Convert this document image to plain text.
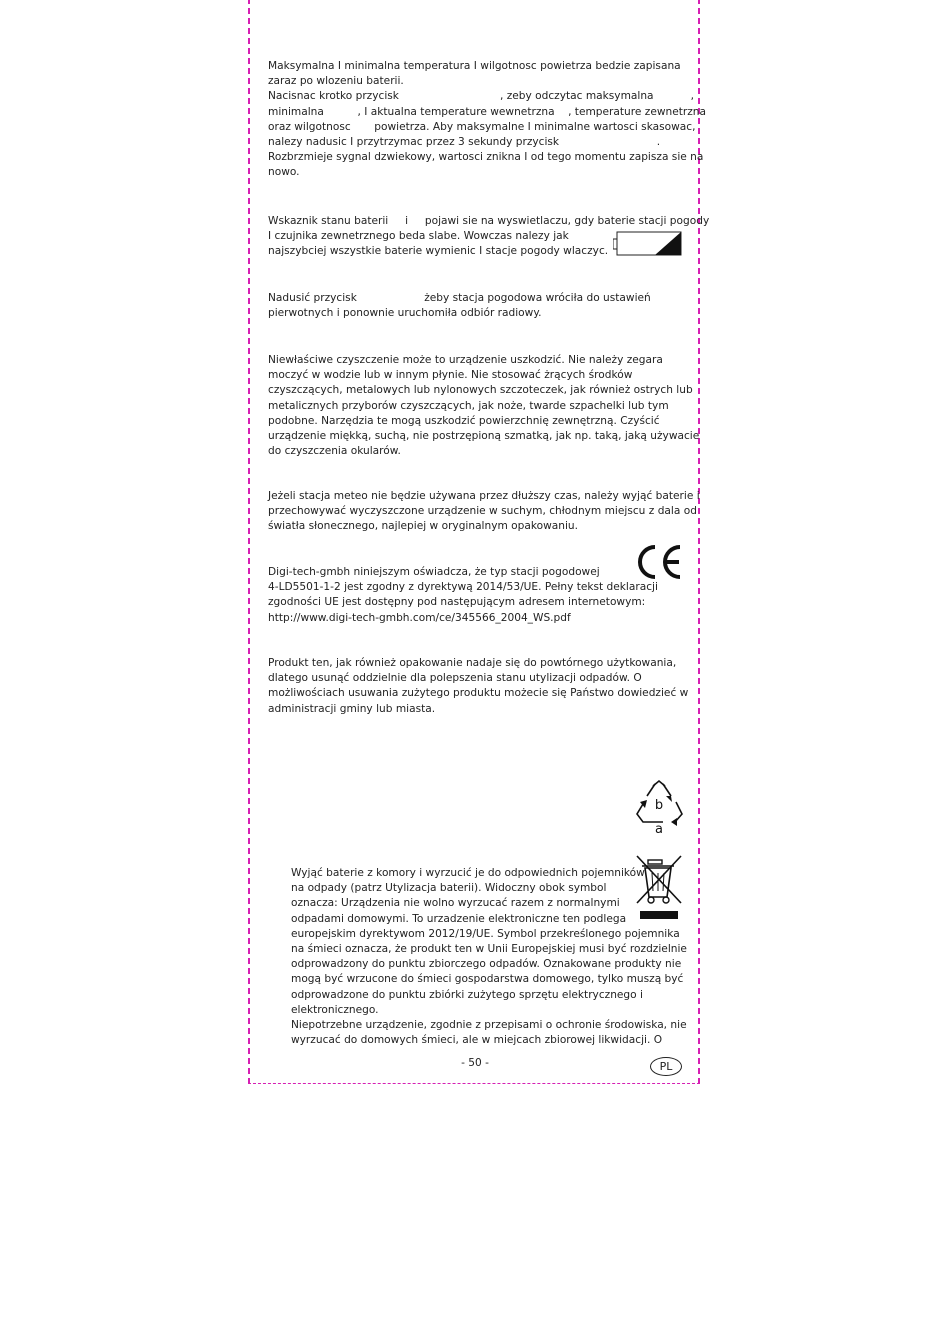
Maksymalna I minimalna temperatura I wilgotnosc powietrza bedzie zapisana
zaraz po wlozeniu baterii.
Nacisnac krotko przycisk                              , zeby odczytac maksymalna           ,
minimalna          , I aktualna temperature wewnetrzna    , temperature zewnetrzna
oraz wilgotnosc       powietrza. Aby maksymalne I minimalne wartosci skasowac,
nalezy nadusic I przytrzymac przez 3 sekundy przycisk                             .
Rozbrzmieje sygnal dzwiekowy, wartosci zniknа I od tego momentu zapisza sie na
nowo.
Wskaznik stanu baterii     i     pojawi sie na wyswietlaczu, gdy baterie stacji pogody
I czujnika zewnetrznego beda slabe. Wowczas nalezy jak
najszybciej wszystkie baterie wymienic I stacje pogody wlaczyc.
Nadusić przycisk                    żeby stacja pogodowa wróciła do ustawień
pierwotnych i ponownie uruchomiła odbiór radiowy.
Niewłaściwe czyszczenie może to urządzenie uszkodzić. Nie należy zegara
moczyć w wodzie lub w innym płynie. Nie stosować żrących środków
czyszczących, metalowych lub nylonowych szczoteczek, jak również ostrych lub
metalicznych przyborów czyszczących, jak noże, twarde szpachelki lub tym
podobne. Narzędzia te mogą uszkodzić powierzchnię zewnętrzną. Czyścić
urządzenie miękką, suchą, nie postrzępioną szmatką, jak np. taką, jaką używacie
do czyszczenia okularów.
Jeżeli stacja meteo nie będzie używana przez dłuższy czas, należy wyjąć baterie i
przechowywać wyczyszczone urządzenie w suchym, chłodnym miejscu z dala od
światła słonecznego, najlepiej w oryginalnym opakowaniu.
Digi-tech-gmbh niniejszym oświadcza, że typ stacji pogodowej
4-LD5501-1-2 jest zgodny z dyrektywą 2014/53/UE. Pełny tekst deklaracji
zgodności UE jest dostępny pod następującym adresem internetowym:
http://www.digi-tech-gmbh.com/ce/345566_2004_WS.pdf
Produkt ten, jak również opakowanie nadaje się do powtórnego użytkowania,
dlatego usunąć oddzielnie dla polepszenia stanu utylizacji odpadów. O
możliwościach usuwania zużytego produktu możecie się Państwo dowiedzieć w
administracji gminy lub miasta.
b
a
Wyjąć baterie z komory i wyrzucić je do odpowiednich pojemników
na odpady (patrz Utylizacja baterii). Widoczny obok symbol
oznacza: Urządzenia nie wolno wyrzucać razem z normalnymi
odpadami domowymi. To urzadzenie elektroniczne ten podlega
europejskim dyrektywom 2012/19/UE. Symbol przekreślonego pojemnika
na śmieci oznacza, że produkt ten w Unii Europejskiej musi być rozdzielnie
odprowadzony do punktu zbiorczego odpadów. Oznakowane produkty nie
mogą być wrzucone do śmieci gospodarstwa domowego, tylko muszą być
odprowadzone do punktu zbiórki zużytego sprzętu elektrycznego i
elektronicznego.
Niepotrzebne urządzenie, zgodnie z przepisami o ochronie środowiska, nie
wyrzucać do domowych śmieci, ale w miejcach zbiorowej likwidacji. O
- 50 -	PL
